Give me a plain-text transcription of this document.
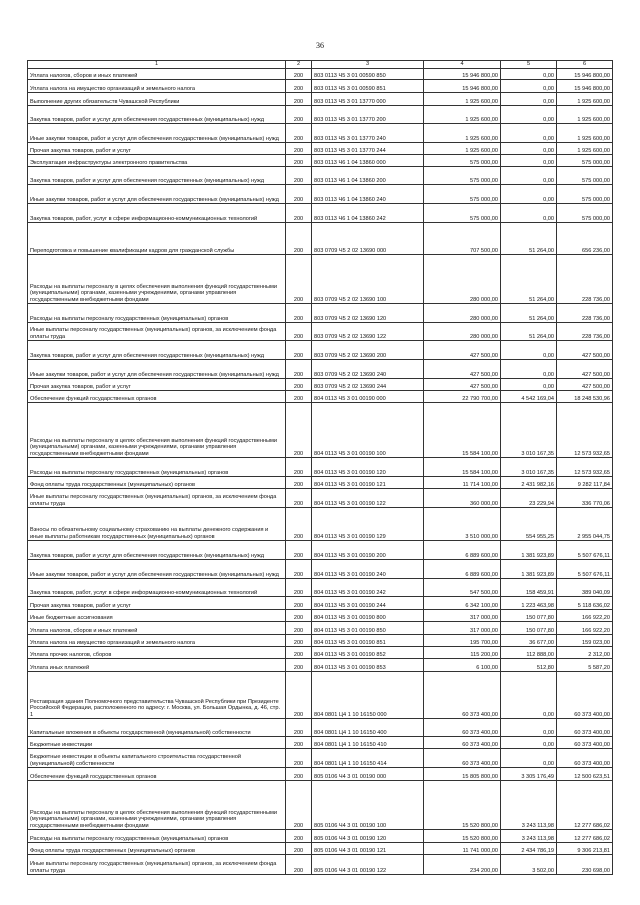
36
1	2	3	4	5	6
Уплата налогов, сборов и иных платежей	200	803 0113 Ч5 3 01 00590 850	15 946 800,00	0,00	15 946 800,00
Уплата налога на имущество организаций и земельного налога	200	803 0113 Ч5 3 01 00590 851	15 946 800,00	0,00	15 946 800,00
Выполнение других обязательств Чувашской Республики	200	803 0113 Ч5 3 01 13770 000	1 925 600,00	0,00	1 925 600,00
Закупка товаров, работ и услуг для обеспечения государственных (муниципальных) нужд	200	803 0113 Ч5 3 01 13770 200	1 925 600,00	0,00	1 925 600,00
Иные закупки товаров, работ и услуг для обеспечения государственных (муниципальных) нужд	200	803 0113 Ч5 3 01 13770 240	1 925 600,00	0,00	1 925 600,00
Прочая закупка товаров, работ и услуг	200	803 0113 Ч5 3 01 13770 244	1 925 600,00	0,00	1 925 600,00
Эксплуатация инфраструктуры электронного правительства	200	803 0113 Ч6 1 04 13860 000	575 000,00	0,00	575 000,00
Закупка товаров, работ и услуг для обеспечения государственных (муниципальных) нужд	200	803 0113 Ч6 1 04 13860 200	575 000,00	0,00	575 000,00
Иные закупки товаров, работ и услуг для обеспечения государственных (муниципальных) нужд	200	803 0113 Ч6 1 04 13860 240	575 000,00	0,00	575 000,00
Закупка товаров, работ, услуг в сфере информационно-коммуникационных технологий	200	803 0113 Ч6 1 04 13860 242	575 000,00	0,00	575 000,00
Переподготовка и повышение квалификации кадров для гражданской службы	200	803 0709 Ч5 2 02 13690 000	707 500,00	51 264,00	656 236,00
Расходы на выплаты персоналу в целях обеспечения выполнения функций государственными (муниципальными) органами, казенными учреждениями, органами управления государственными внебюджетными фондами	200	803 0709 Ч5 2 02 13690 100	280 000,00	51 264,00	228 736,00
Расходы на выплаты персоналу государственных (муниципальных) органов	200	803 0709 Ч5 2 02 13690 120	280 000,00	51 264,00	228 736,00
Иные выплаты персоналу государственных (муниципальных) органов, за исключением фонда оплаты труда	200	803 0709 Ч5 2 02 13690 122	280 000,00	51 264,00	228 736,00
Закупка товаров, работ и услуг для обеспечения государственных (муниципальных) нужд	200	803 0709 Ч5 2 02 13690 200	427 500,00	0,00	427 500,00
Иные закупки товаров, работ и услуг для обеспечения государственных (муниципальных) нужд	200	803 0709 Ч5 2 02 13690 240	427 500,00	0,00	427 500,00
Прочая закупка товаров, работ и услуг	200	803 0709 Ч5 2 02 13690 244	427 500,00	0,00	427 500,00
Обеспечение функций государственных органов	200	804 0113 Ч5 3 01 00190 000	22 790 700,00	4 542 169,04	18 248 530,96
Расходы на выплаты персоналу в целях обеспечения выполнения функций государственными (муниципальными) органами, казенными учреждениями, органами управления государственными внебюджетными фондами	200	804 0113 Ч5 3 01 00190 100	15 584 100,00	3 010 167,35	12 573 932,65
Расходы на выплаты персоналу государственных (муниципальных) органов	200	804 0113 Ч5 3 01 00190 120	15 584 100,00	3 010 167,35	12 573 932,65
Фонд оплаты труда государственных (муниципальных) органов	200	804 0113 Ч5 3 01 00190 121	11 714 100,00	2 431 982,16	9 282 117,84
Иные выплаты персоналу государственных (муниципальных) органов, за исключением фонда оплаты труда	200	804 0113 Ч5 3 01 00190 122	360 000,00	23 229,94	336 770,06
Взносы по обязательному социальному страхованию на выплаты денежного содержания и иные выплаты работникам государственных (муниципальных) органов	200	804 0113 Ч5 3 01 00190 129	3 510 000,00	554 955,25	2 955 044,75
Закупка товаров, работ и услуг для обеспечения государственных (муниципальных) нужд	200	804 0113 Ч5 3 01 00190 200	6 889 600,00	1 381 923,89	5 507 676,11
Иные закупки товаров, работ и услуг для обеспечения государственных (муниципальных) нужд	200	804 0113 Ч5 3 01 00190 240	6 889 600,00	1 381 923,89	5 507 676,11
Закупка товаров, работ, услуг в сфере информационно-коммуникационных технологий	200	804 0113 Ч5 3 01 00190 242	547 500,00	158 459,91	389 040,09
Прочая закупка товаров, работ и услуг	200	804 0113 Ч5 3 01 00190 244	6 342 100,00	1 223 463,98	5 118 636,02
Иные бюджетные ассигнования	200	804 0113 Ч5 3 01 00190 800	317 000,00	150 077,80	166 922,20
Уплата налогов, сборов и иных платежей	200	804 0113 Ч5 3 01 00190 850	317 000,00	150 077,80	166 922,20
Уплата налога на имущество организаций и земельного налога	200	804 0113 Ч5 3 01 00190 851	195 700,00	36 677,00	159 023,00
Уплата прочих налогов, сборов	200	804 0113 Ч5 3 01 00190 852	115 200,00	112 888,00	2 312,00
Уплата иных платежей	200	804 0113 Ч5 3 01 00190 853	6 100,00	512,80	5 587,20
Реставрация здания Полномочного представительства Чувашской Республики при Президенте Российской Федерации, расположенного по адресу: г. Москва, ул. Большая Ордынка, д. 46, стр. 1	200	804 0801 Ц4 1 10 16150 000	60 373 400,00	0,00	60 373 400,00
Капитальные вложения в объекты государственной (муниципальной) собственности	200	804 0801 Ц4 1 10 16150 400	60 373 400,00	0,00	60 373 400,00
Бюджетные инвестиции	200	804 0801 Ц4 1 10 16150 410	60 373 400,00	0,00	60 373 400,00
Бюджетные инвестиции в объекты капитального строительства государственной (муниципальной) собственности	200	804 0801 Ц4 1 10 16150 414	60 373 400,00	0,00	60 373 400,00
Обеспечение функций государственных органов	200	805 0106 Ч4 3 01 00190 000	15 805 800,00	3 305 176,49	12 500 623,51
Расходы на выплаты персоналу в целях обеспечения выполнения функций государственными (муниципальными) органами, казенными учреждениями, органами управления государственными внебюджетными фондами	200	805 0106 Ч4 3 01 00190 100	15 520 800,00	3 243 113,98	12 277 686,02
Расходы на выплаты персоналу государственных (муниципальных) органов	200	805 0106 Ч4 3 01 00190 120	15 520 800,00	3 243 113,98	12 277 686,02
Фонд оплаты труда государственных (муниципальных) органов	200	805 0106 Ч4 3 01 00190 121	11 741 000,00	2 434 786,19	9 306 213,81
Иные выплаты персоналу государственных (муниципальных) органов, за исключением фонда оплаты труда	200	805 0106 Ч4 3 01 00190 122	234 200,00	3 502,00	230 698,00
